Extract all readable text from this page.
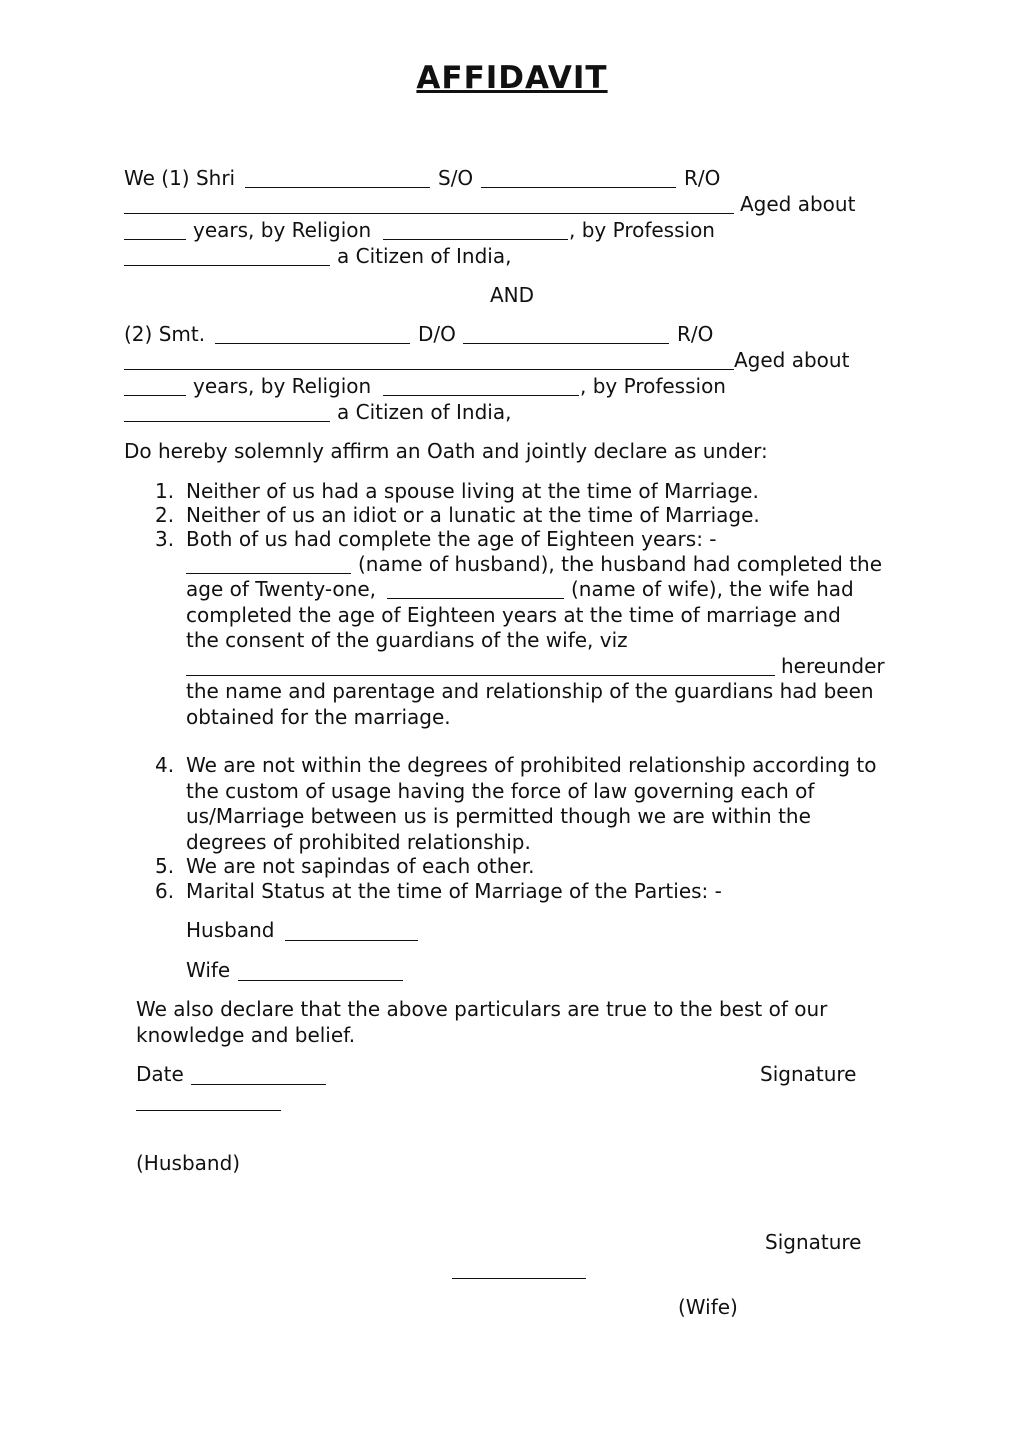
AFFIDAVIT
We (1) Shri	S/O	R/O
Aged about
years, by Religion	, by Profession
a Citizen of India,
AND
(2) Smt.	D/O	R/O
Aged about
years, by Religion	, by Profession
a Citizen of India,
Do hereby solemnly affirm an Oath and jointly declare as under:
1. Neither of us had a spouse living at the time of Marriage.
2. Neither of us an idiot or a lunatic at the time of Marriage.
3. Both of us had complete the age of Eighteen years: -
(name of husband), the husband had completed the
age of Twenty-one,	(name of wife), the wife had
completed the age of Eighteen years at the time of marriage and
the consent of the guardians of the wife, viz
hereunder
the name and parentage and relationship of the guardians had been
obtained for the marriage.
4. We are not within the degrees of prohibited relationship according to
the custom of usage having the force of law governing each of
us/Marriage between us is permitted though we are within the
degrees of prohibited relationship.
5. We are not sapindas of each other.
6. Marital Status at the time of Marriage of the Parties: -
Husband
Wife
We also declare that the above particulars are true to the best of our
knowledge and belief.
Date	Signature
(Husband)
Signature
(Wife)
